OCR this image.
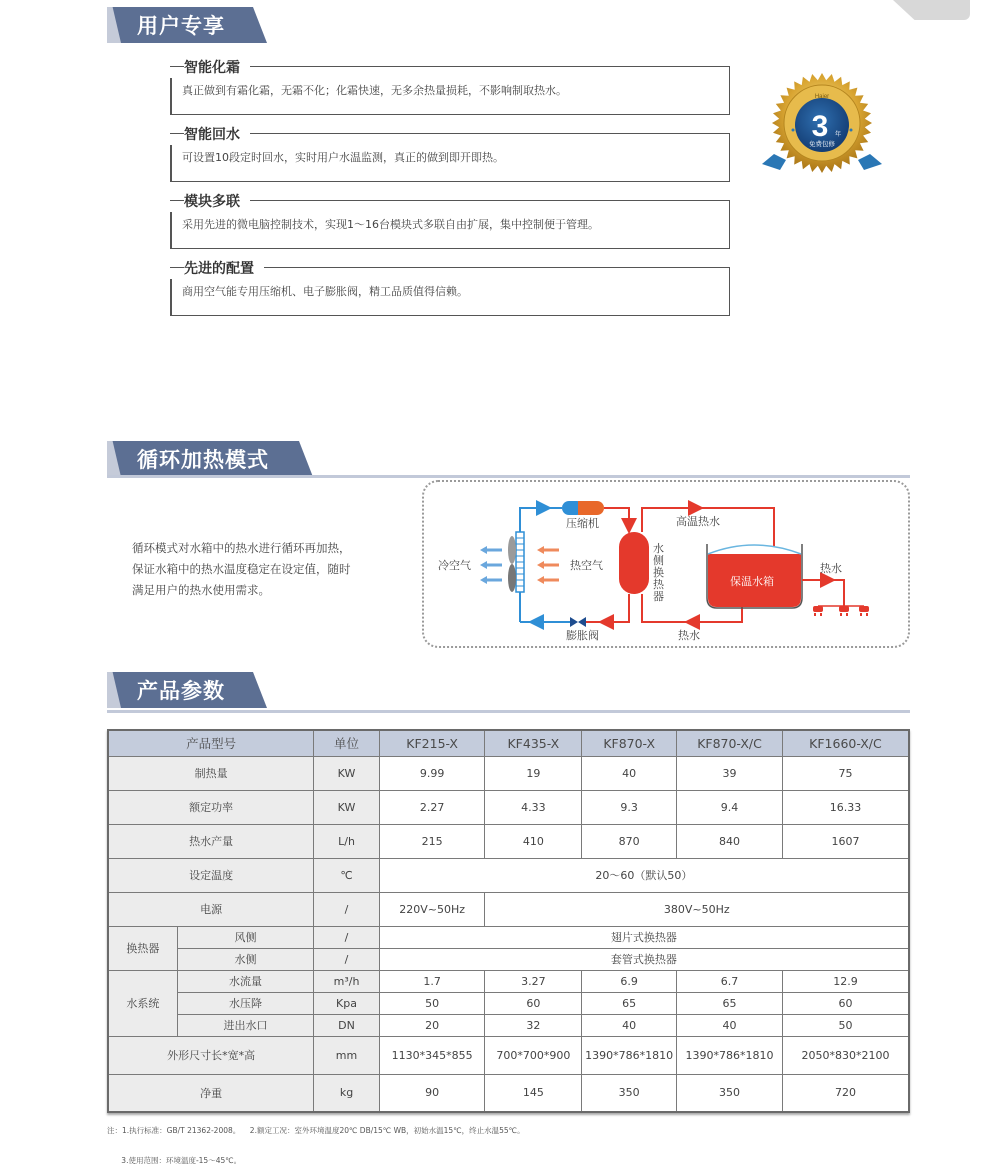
用户专享
智能化霜
真正做到有霜化霜，无霜不化；化霜快速，无多余热量损耗，不影响制取热水。
智能回水
可设置10段定时回水，实时用户水温监测，真正的做到即开即热。
模块多联
采用先进的微电脑控制技术，实现1～16台模块式多联自由扩展，集中控制便于管理。
先进的配置
商用空气能专用压缩机、电子膨胀阀，精工品质值得信赖。
Haier
3 年
免费包修
循环加热模式
循环模式对水箱中的热水进行循环再加热，
保证水箱中的热水温度稳定在设定值，随时
满足用户的热水使用需求。
压缩机	高温热水
冷空气	热空气
水 侧 换 热 器
保温水箱
热水
膨胀阀	热水
产品参数
产品型号		单位	KF215-X	KF435-X	KF870-X	KF870-X/C	KF1660-X/C
制热量		KW	9.99	19	40	39	75
额定功率		KW	2.27	4.33	9.3	9.4	16.33
热水产量		L/h	215	410	870	840	1607
设定温度		℃	20～60（默认50）				
电源		/	220V~50Hz	380V~50Hz			
换热器	风侧	/	翅片式换热器				
	水侧	/	套管式换热器				
水系统	水流量	m³/h	1.7	3.27	6.9	6.7	12.9
	水压降	Kpa	50	60	65	65	60
	进出水口	DN	20	32	40	40	50
外形尺寸长*宽*高		mm	1130*345*855	700*700*900	1390*786*1810	1390*786*1810	2050*830*2100
净重		kg	90	145	350	350	720

注：1.执行标准：GB/T 21362-2008。    2.额定工况：室外环境温度20℃ DB/15℃ WB，初始水温15℃，终止水温55℃。

3.使用范围：环境温度-15～45℃。
